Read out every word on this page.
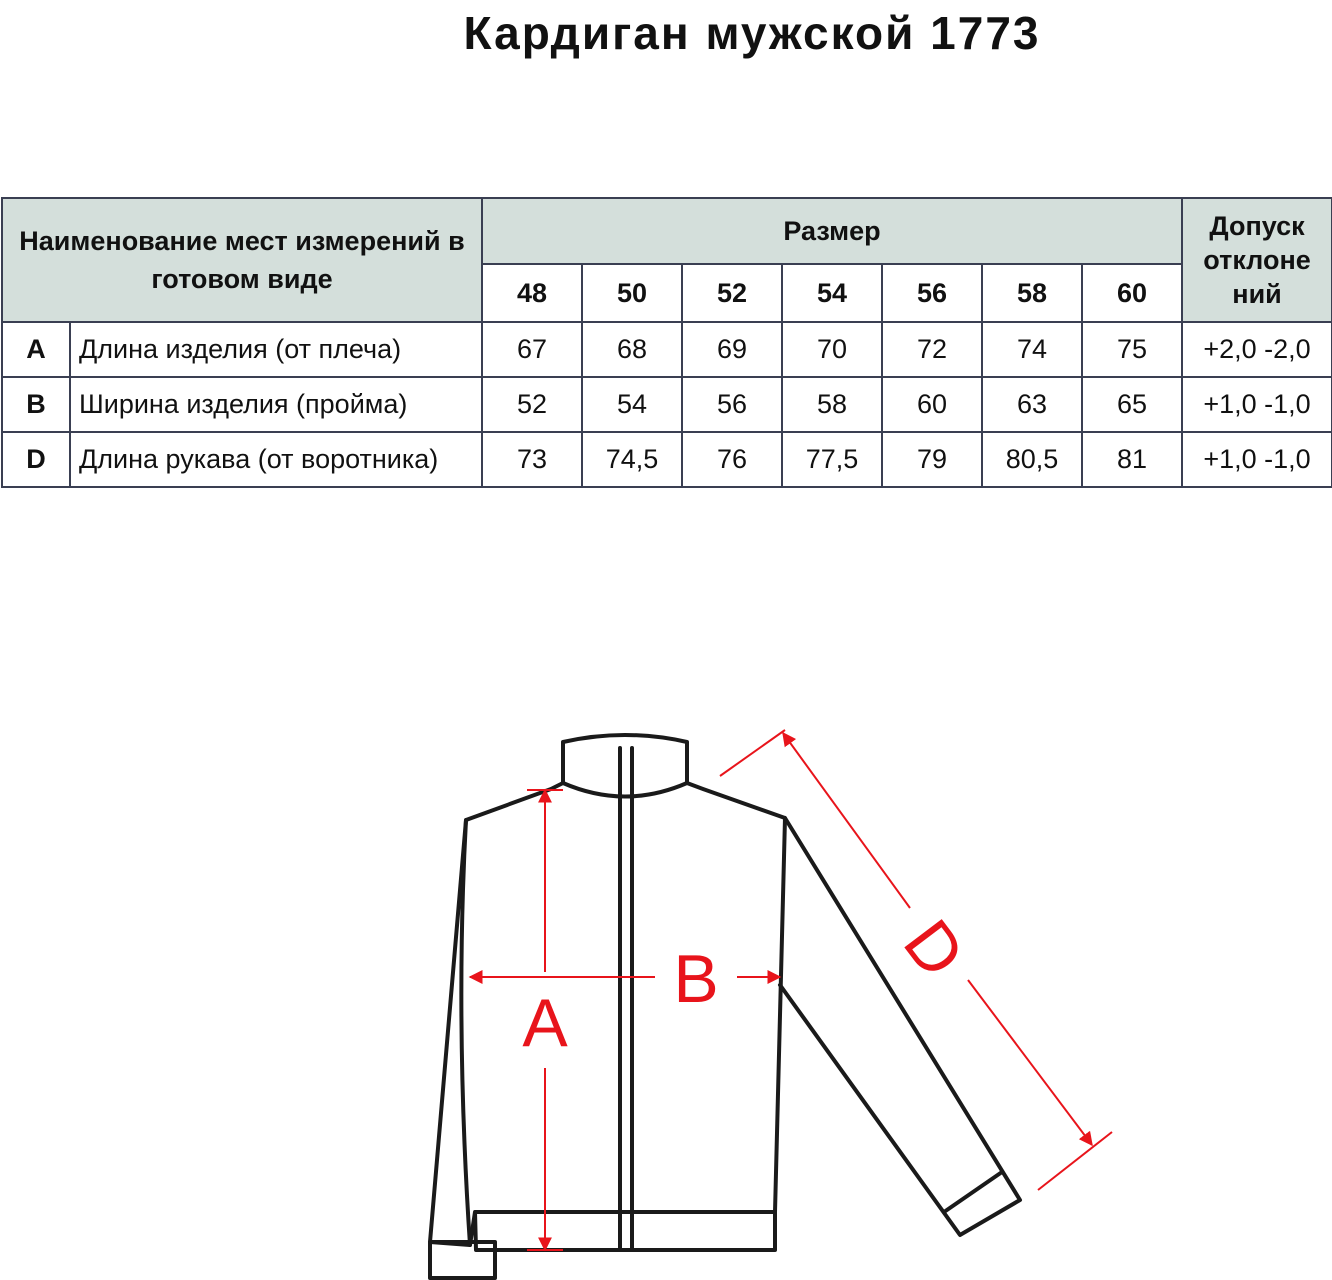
Кардиган мужской 1773
Наименование мест измерений в готовом виде		Размер							Допуск отклоне ний
		48	50	52	54	56	58	60	
A	Длина изделия (от плеча)	67	68	69	70	72	74	75	+2,0 -2,0
B	Ширина изделия (пройма)	52	54	56	58	60	63	65	+1,0 -1,0
D	Длина рукава (от воротника)	73	74,5	76	77,5	79	80,5	81	+1,0 -1,0
A
B	D
